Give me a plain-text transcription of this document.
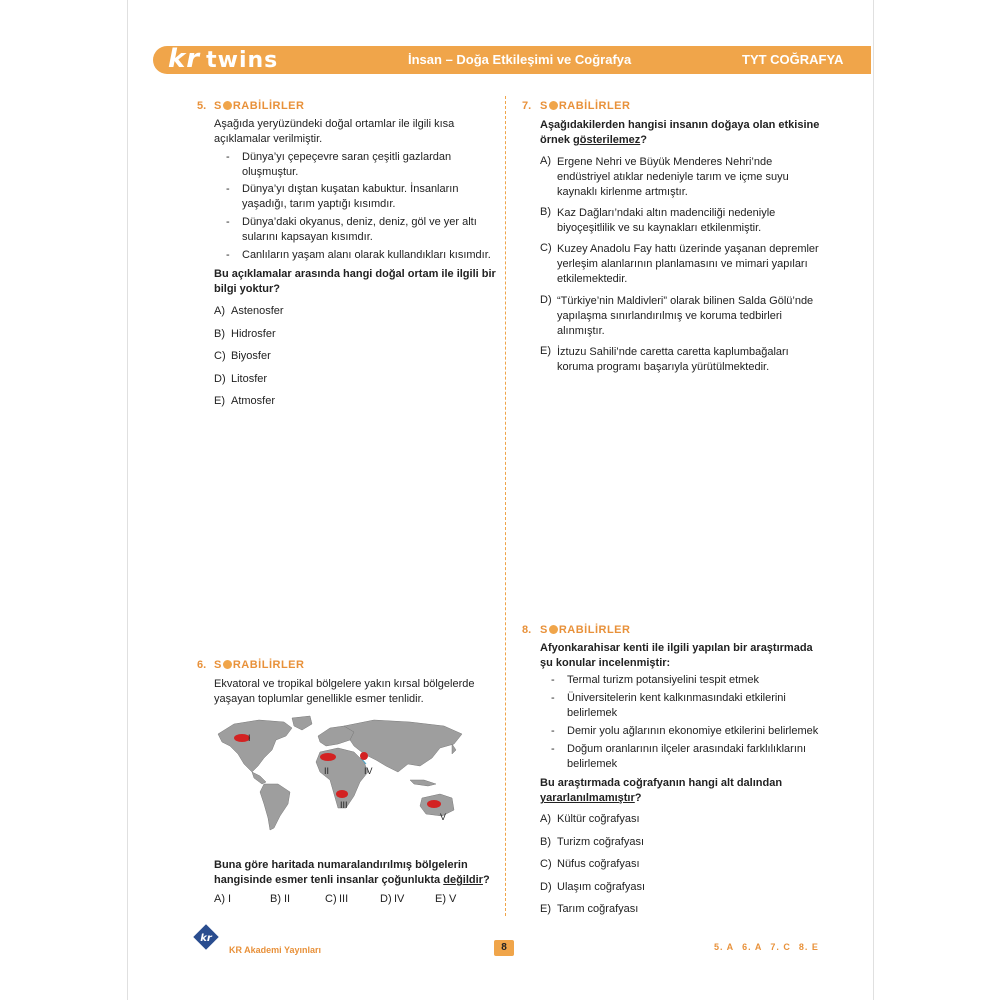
kr twins	İnsan – Doğa Etkileşimi ve Coğrafya	TYT COĞRAFYA
5. S RABİLİRLER
Aşağıda yeryüzündeki doğal ortamlar ile ilgili kısa
açıklamalar verilmiştir.
- Dünya’yı çepeçevre saran çeşitli gazlardan
oluşmuştur.
- Dünya’yı dıştan kuşatan kabuktur. İnsanların
yaşadığı, tarım yaptığı kısımdır.
- Dünya’daki okyanus, deniz, deniz, göl ve yer altı
sularını kapsayan kısımdır.
- Canlıların yaşam alanı olarak kullandıkları kısımdır.
Bu açıklamalar arasında hangi doğal ortam ile ilgili bir
bilgi yoktur?
A) Astenosfer
B) Hidrosfer
C) Biyosfer
D) Litosfer
E) Atmosfer
7. S RABİLİRLER
Aşağıdakilerden hangisi insanın doğaya olan etkisine
örnek gösterilemez?
A) Ergene Nehri ve Büyük Menderes Nehri’nde
endüstriyel atıklar nedeniyle tarım ve içme suyu
kaynaklı kirlenme artmıştır.
B) Kaz Dağları’ndaki altın madenciliği nedeniyle
biyoçeşitlilik ve su kaynakları etkilenmiştir.
C) Kuzey Anadolu Fay hattı üzerinde yaşanan depremler
yerleşim alanlarının planlamasını ve mimari yapıları
etkilemektedir.
D) “Türkiye’nin Maldivleri” olarak bilinen Salda Gölü’nde
yapılaşma sınırlandırılmış ve koruma tedbirleri
alınmıştır.
E) İztuzu Sahili’nde caretta caretta kaplumbağaları
koruma programı başarıyla yürütülmektedir.
8. S RABİLİRLER
Afyonkarahisar kenti ile ilgili yapılan bir araştırmada
şu konular incelenmiştir:
- Termal turizm potansiyelini tespit etmek
- Üniversitelerin kent kalkınmasındaki etkilerini
belirlemek
- Demir yolu ağlarının ekonomiye etkilerini belirlemek
- Doğum oranlarının ilçeler arasındaki farklılıklarını
belirlemek
Bu araştırmada coğrafyanın hangi alt dalından
yararlanılmamıştır?
A) Kültür coğrafyası
B) Turizm coğrafyası
C) Nüfus coğrafyası
D) Ulaşım coğrafyası
E) Tarım coğrafyası
6. S RABİLİRLER
Ekvatoral ve tropikal bölgelere yakın kırsal bölgelerde
yaşayan toplumlar genellikle esmer tenlidir.
I
II
III
IV
V
Buna göre haritada numaralandırılmış bölgelerin
hangisinde esmer tenli insanlar çoğunlukta değildir?
A) I	B) II	C) III	D) IV	E) V
kr
KR Akademi Yayınları	8	5. A 6. A 7. C 8. E
